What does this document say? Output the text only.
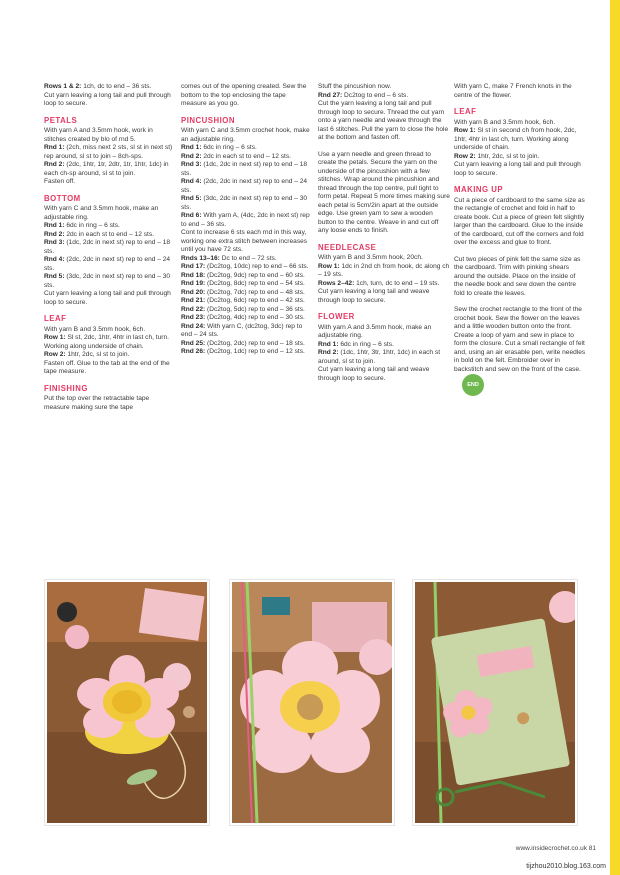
Rows 1 & 2: 1ch, dc to end – 36 sts.
Cut yarn leaving a long tail and pull through loop to secure.

PETALS

With yarn A and 3.5mm hook, work in stitches created by blo of rnd 5.
Rnd 1: (2ch, miss next 2 sts, sl st in next st) rep around, sl st to join – 8ch-sps.
Rnd 2: (2dc, 1htr, 1tr, 2dtr, 1tr, 1htr, 1dc) in each ch-sp around, sl st to join.
Fasten off.

BOTTOM

With yarn C and 3.5mm hook, make an adjustable ring.
Rnd 1: 6dc in ring – 6 sts.
Rnd 2: 2dc in each st to end – 12 sts.
Rnd 3: (1dc, 2dc in next st) rep to end – 18 sts.
Rnd 4: (2dc, 2dc in next st) rep to end – 24 sts.
Rnd 5: (3dc, 2dc in next st) rep to end – 30 sts.
Cut yarn leaving a long tail and pull through loop to secure.

LEAF

With yarn B and 3.5mm hook, 6ch.
Row 1: Sl st, 2dc, 1htr, 4htr in last ch, turn.
Working along underside of chain.
Row 2: 1htr, 2dc, sl st to join.
Fasten off. Glue to the tab at the end of the tape measure.

FINISHING

Put the top over the retractable tape measure making sure the tape

comes out of the opening created. Sew the bottom to the top enclosing the tape measure as you go.

PINCUSHION

With yarn C and 3.5mm crochet hook, make an adjustable ring.
Rnd 1: 6dc in ring – 6 sts.
Rnd 2: 2dc in each st to end – 12 sts.
Rnd 3: (1dc, 2dc in next st) rep to end – 18 sts.
Rnd 4: (2dc, 2dc in next st) rep to end – 24 sts.
Rnd 5: (3dc, 2dc in next st) rep to end – 30 sts.
Rnd 6: With yarn A, (4dc, 2dc in next st) rep to end – 36 sts.
Cont to increase 6 sts each rnd in this way, working one extra stitch between increases until you have 72 sts.
Rnds 13–16: Dc to end – 72 sts.
Rnd 17: (Dc2tog, 10dc) rep to end – 66 sts.
Rnd 18: (Dc2tog, 9dc) rep to end – 60 sts.
Rnd 19: (Dc2tog, 8dc) rep to end – 54 sts.
Rnd 20: (Dc2tog, 7dc) rep to end – 48 sts.
Rnd 21: (Dc2tog, 6dc) rep to end – 42 sts.
Rnd 22: (Dc2tog, 5dc) rep to end – 36 sts.
Rnd 23: (Dc2tog, 4dc) rep to end – 30 sts.
Rnd 24: With yarn C, (dc2tog, 3dc) rep to end – 24 sts.
Rnd 25: (Dc2tog, 2dc) rep to end – 18 sts.
Rnd 26: (Dc2tog, 1dc) rep to end – 12 sts.

Stuff the pincushion now.
Rnd 27: Dc2tog to end – 6 sts.
Cut the yarn leaving a long tail and pull through loop to secure. Thread the cut yarn onto a yarn needle and weave through the last 6 stitches. Pull the yarn to close the hole at the bottom and fasten off.

Use a yarn needle and green thread to create the petals. Secure the yarn on the underside of the pincushion with a few stitches. Wrap around the pincushion and thread through the top centre, pull tight to form petal. Repeat 5 more times making sure each petal is 5cm/2in apart at the outside edge. Use green yarn to sew a wooden button to the centre. Weave in and cut off any loose ends to finish.

NEEDLECASE

With yarn B and 3.5mm hook, 20ch.
Row 1: 1dc in 2nd ch from hook, dc along ch – 19 sts.
Rows 2–42: 1ch, turn, dc to end – 19 sts.
Cut yarn leaving a long tail and weave through loop to secure.

FLOWER

With yarn A and 3.5mm hook, make an adjustable ring.
Rnd 1: 6dc in ring – 6 sts.
Rnd 2: (1dc, 1htr, 3tr, 1htr, 1dc) in each st around, sl st to join.
Cut yarn leaving a long tail and weave through loop to secure.

With yarn C, make 7 French knots in the centre of the flower.

LEAF

With yarn B and 3.5mm hook, 6ch.
Row 1: Sl st in second ch from hook, 2dc, 1htr, 4htr in last ch, turn. Working along underside of chain.
Row 2: 1htr, 2dc, sl st to join.
Cut yarn leaving a long tail and pull through loop to secure.

MAKING UP

Cut a piece of cardboard to the same size as the rectangle of crochet and fold in half to create book. Cut a piece of green felt slightly larger than the cardboard. Glue to the inside of the cardboard, cut off the corners and fold over the excess and glue to front.

Cut two pieces of pink felt the same size as the cardboard. Trim with pinking shears around the outside. Place on the inside of the needle book and sew down the centre fold to create the leaves.

Sew the crochet rectangle to the front of the crochet book. Sew the flower on the leaves and a little wooden button onto the front. Create a loop of yarn and sew in place to form the closure. Cut a small rectangle of felt and, using an air erasable pen, write needles in bold on the felt. Embroider over in backstitch and sew on the front of the case.END

www.insidecrochet.co.uk 81
tijzhou2010.blog.163.com
